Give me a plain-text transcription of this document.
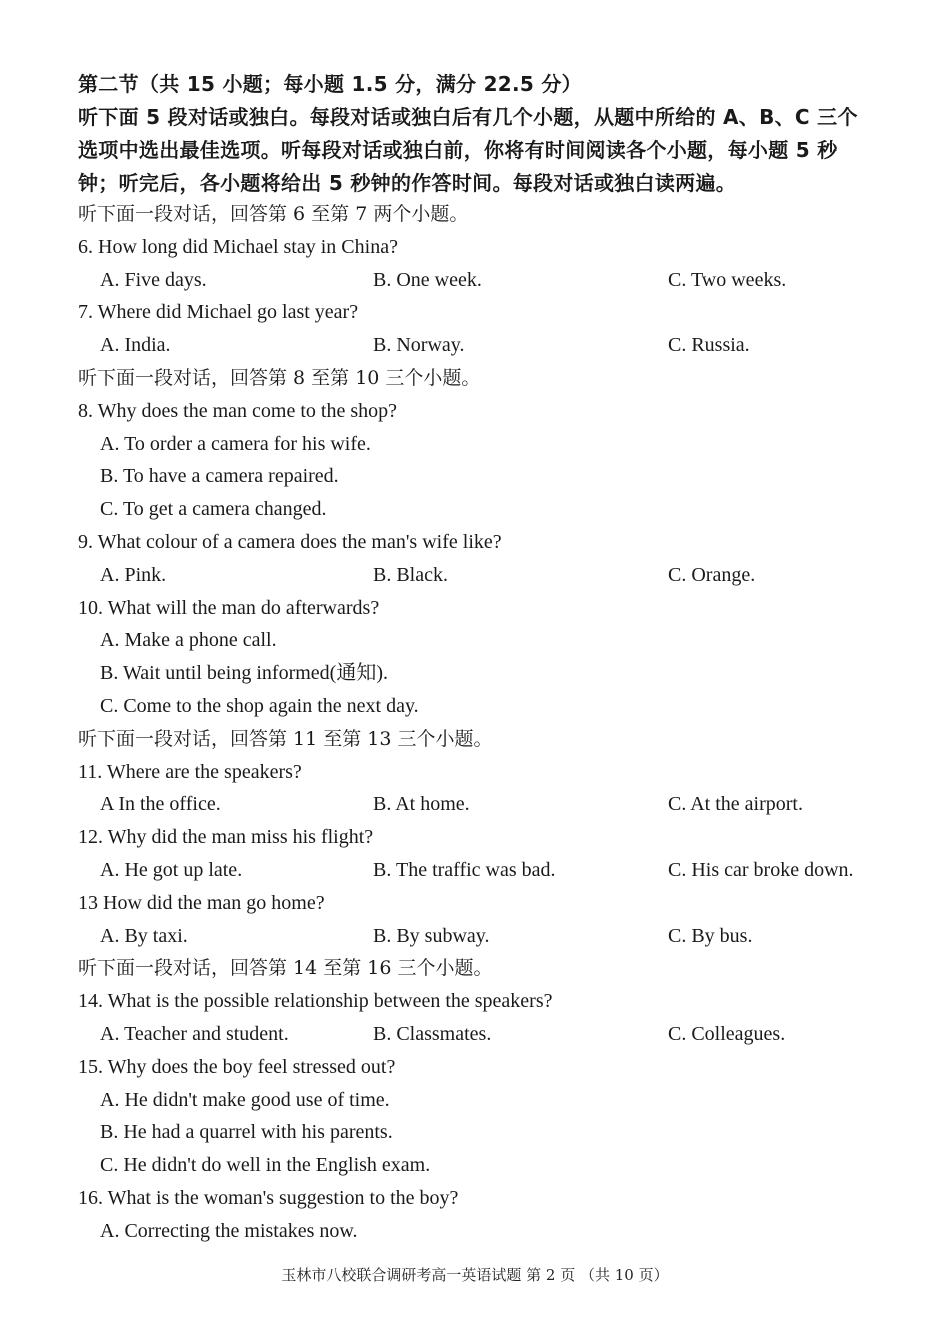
第二节（共 15 小题；每小题 1.5 分，满分 22.5 分）
听下面 5 段对话或独白。每段对话或独白后有几个小题，从题中所给的 A、B、C 三个选项中选出最佳选项。听每段对话或独白前，你将有时间阅读各个小题，每小题 5 秒钟；听完后，各小题将给出 5 秒钟的作答时间。每段对话或独白读两遍。
听下面一段对话，回答第 6 至第 7 两个小题。
6. How long did Michael stay in China?
A. Five days.	B. One week.	C. Two weeks.
7. Where did Michael go last year?
A. India.	B. Norway.	C. Russia.
听下面一段对话，回答第 8 至第 10 三个小题。
8. Why does the man come to the shop?
A. To order a camera for his wife.
B. To have a camera repaired.
C. To get a camera changed.
9. What colour of a camera does the man's wife like?
A. Pink.	B. Black.	C. Orange.
10. What will the man do afterwards?
A. Make a phone call.
B. Wait until being informed(通知).
C. Come to the shop again the next day.
听下面一段对话，回答第 11 至第 13 三个小题。
11. Where are the speakers?
A In the office.	B. At home.	C. At the airport.
12. Why did the man miss his flight?
A. He got up late.	B. The traffic was bad.	C. His car broke down.
13 How did the man go home?
A. By taxi.	B. By subway.	C. By bus.
听下面一段对话，回答第 14 至第 16 三个小题。
14. What is the possible relationship between the speakers?
A. Teacher and student.	B. Classmates.	C. Colleagues.
15. Why does the boy feel stressed out?
A. He didn't make good use of time.
B. He had a quarrel with his parents.
C. He didn't do well in the English exam.
16. What is the woman's suggestion to the boy?
A. Correcting the mistakes now.
玉林市八校联合调研考高一英语试题 第 2 页 （共 10 页）
